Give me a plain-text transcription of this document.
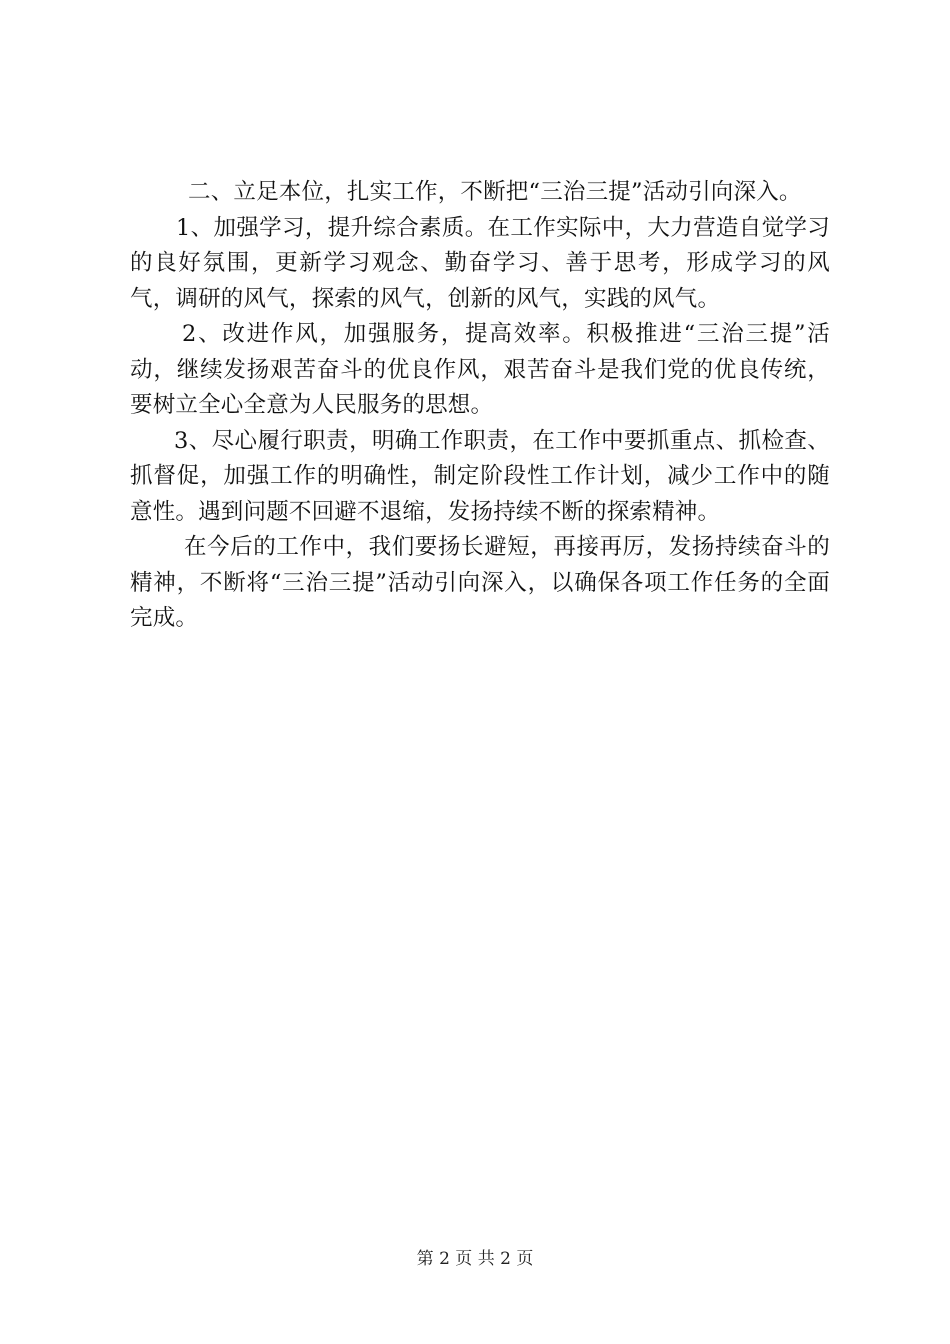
二、立足本位，扎实工作，不断把“三治三提”活动引向深入。

1、加强学习，提升综合素质。在工作实际中，大力营造自觉学习的良好氛围，更新学习观念、勤奋学习、善于思考，形成学习的风气，调研的风气，探索的风气，创新的风气，实践的风气。

2、改进作风，加强服务，提高效率。积极推进“三治三提”活动，继续发扬艰苦奋斗的优良作风，艰苦奋斗是我们党的优良传统，要树立全心全意为人民服务的思想。

3、尽心履行职责，明确工作职责，在工作中要抓重点、抓检查、抓督促，加强工作的明确性，制定阶段性工作计划，减少工作中的随意性。遇到问题不回避不退缩，发扬持续不断的探索精神。

在今后的工作中，我们要扬长避短，再接再厉，发扬持续奋斗的精神，不断将“三治三提”活动引向深入，以确保各项工作任务的全面完成。

第 2 页 共 2 页
